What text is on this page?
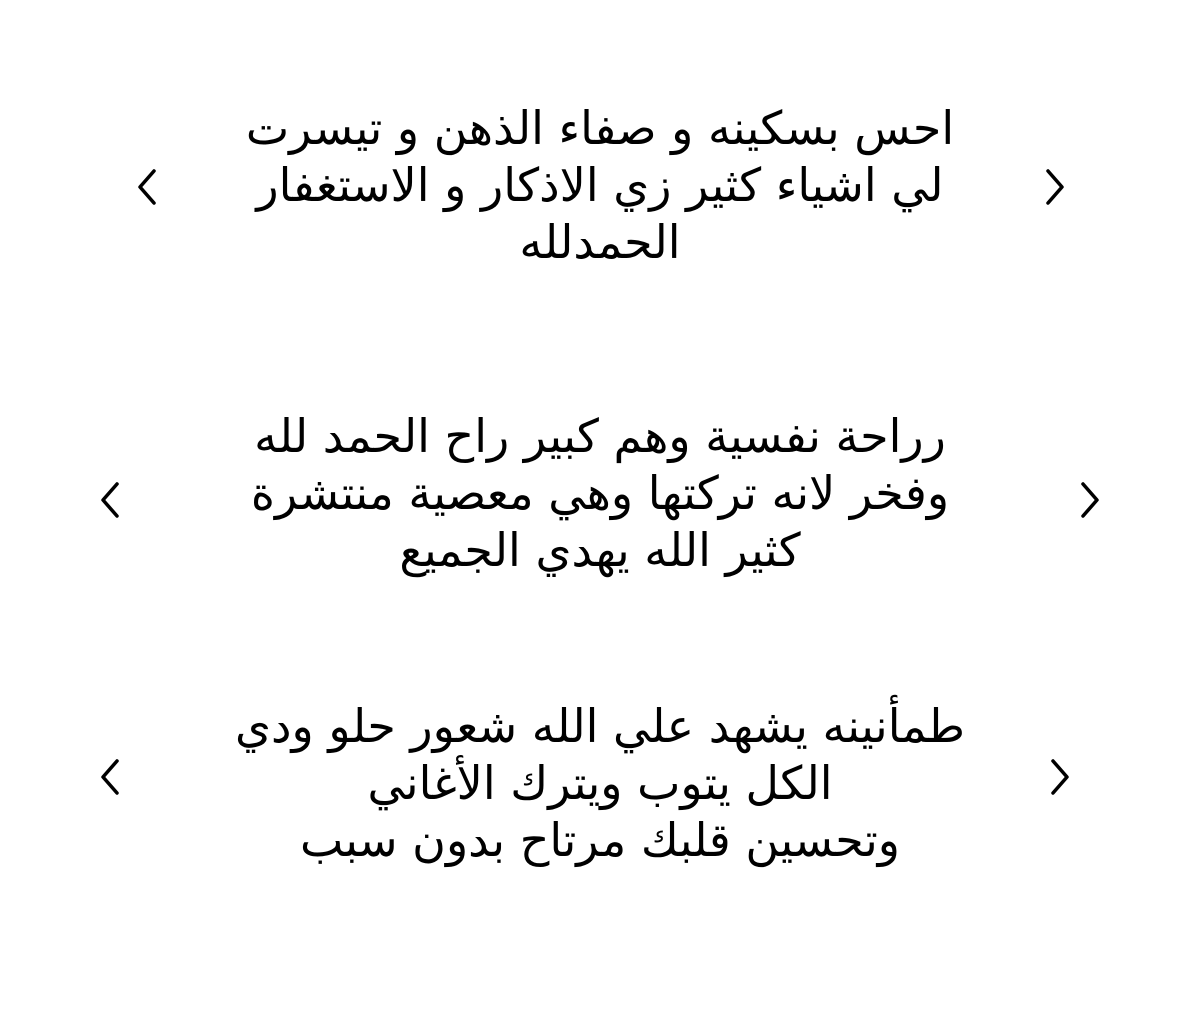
احس بسكينه و صفاء الذهن و تيسرت
لي اشياء كثير زي الاذكار و الاستغفار
الحمدلله
رراحة نفسية وهم كبير راح الحمد لله
وفخر لانه تركتها وهي معصية منتشرة
كثير الله يهدي الجميع
طمأنينه يشهد علي الله شعور حلو ودي
الكل يتوب ويترك الأغاني
وتحسين قلبك مرتاح بدون سبب
